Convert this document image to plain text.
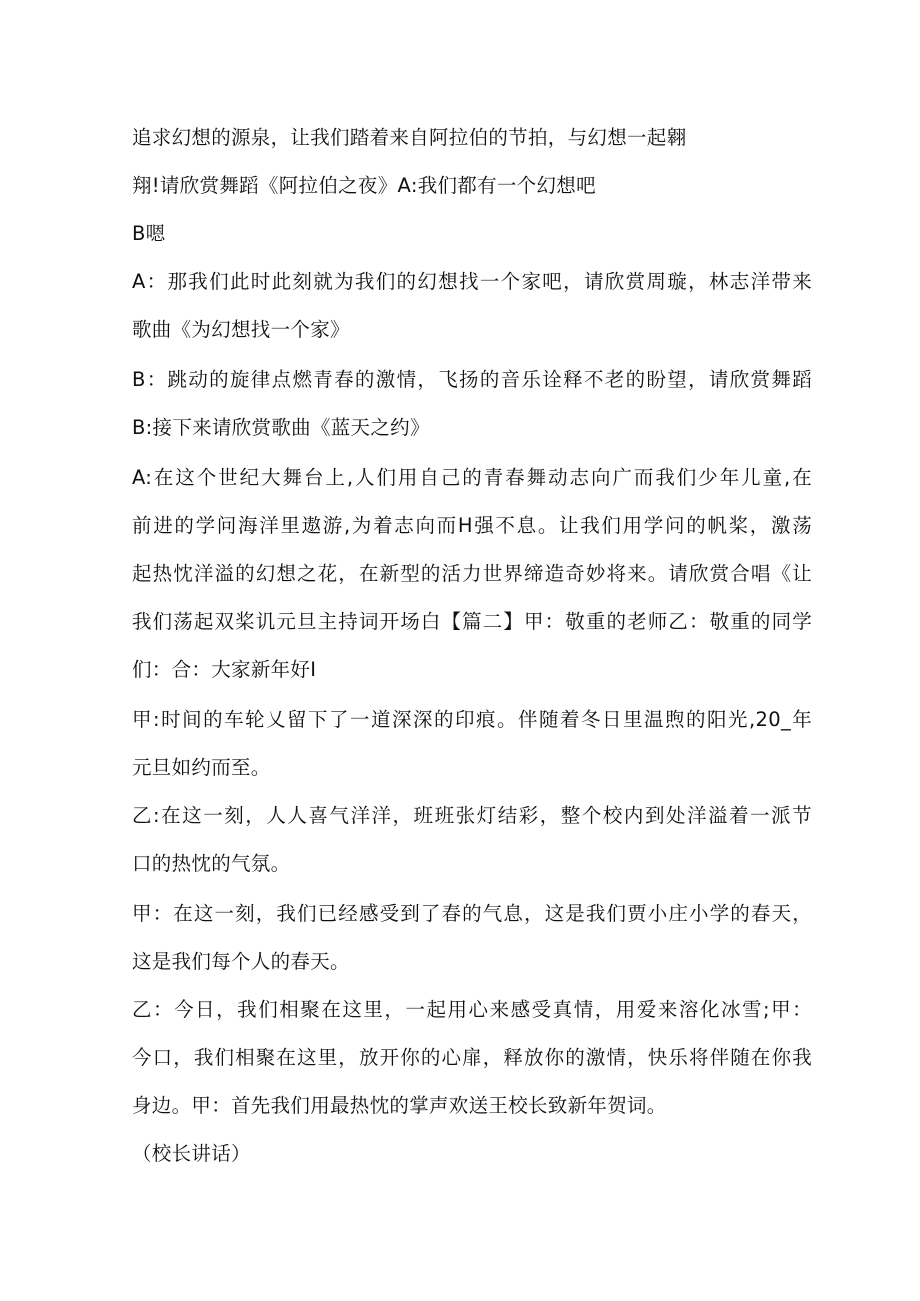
追求幻想的源泉，让我们踏着来自阿拉伯的节拍，与幻想一起翱
翔!请欣赏舞蹈《阿拉伯之夜》A:我们都有一个幻想吧
B嗯
A：那我们此时此刻就为我们的幻想找一个家吧，请欣赏周璇，林志洋带来
歌曲《为幻想找一个家》
B：跳动的旋律点燃青春的激情，飞扬的音乐诠释不老的盼望，请欣赏舞蹈
B:接下来请欣赏歌曲《蓝天之约》
A:在这个世纪大舞台上,人们用自己的青春舞动志向广而我们少年儿童,在
前进的学问海洋里遨游,为着志向而H强不息。让我们用学问的帆桨，激荡
起热忱洋溢的幻想之花，在新型的活力世界缔造奇妙将来。请欣赏合唱《让
我们荡起双桨讥元旦主持词开场白【篇二】甲：敬重的老师乙：敬重的同学
们：合：大家新年好I
甲:时间的车轮乂留下了一道深深的印痕。伴随着冬日里温煦的阳光,20_年
元旦如约而至。
乙:在这一刻，人人喜气洋洋，班班张灯结彩，整个校内到处洋溢着一派节
口的热忱的气氛。
甲：在这一刻，我们已经感受到了春的气息，这是我们贾小庄小学的春天，
这是我们每个人的春天。
乙：今日，我们相聚在这里，一起用心来感受真情，用爱来溶化冰雪;甲：
今口，我们相聚在这里，放开你的心扉，释放你的激情，快乐将伴随在你我
身边。甲：首先我们用最热忱的掌声欢送王校长致新年贺词。
（校长讲话）
